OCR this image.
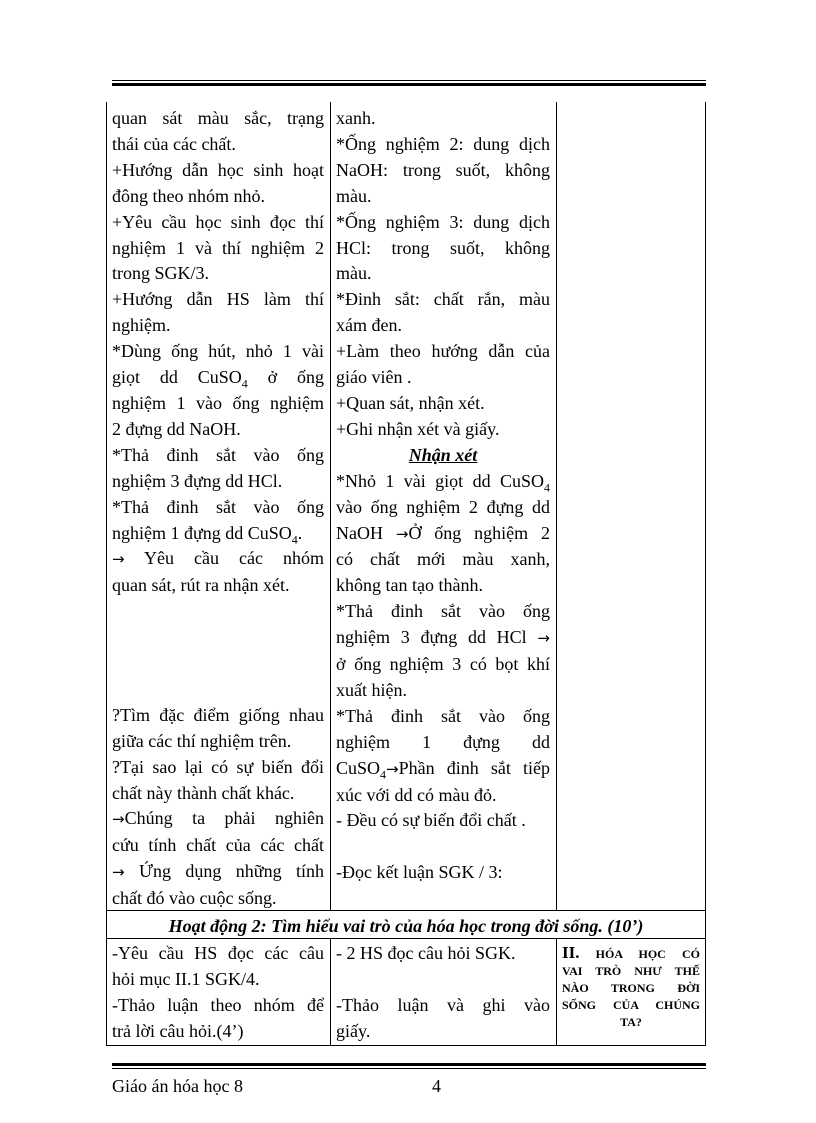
quan sát màu sắc, trạng
thái của các chất.
+Hướng dẫn học sinh hoạt
đông theo nhóm nhỏ.
+Yêu cầu học sinh đọc thí
nghiệm 1 và thí nghiệm 2
trong SGK/3.
+Hướng dẫn HS làm thí
nghiệm.
*Dùng ống hút, nhỏ 1 vài
giọt dd CuSO$_4$ ở ống
nghiệm 1 vào ống nghiệm
2 đựng dd NaOH.
*Thả đinh sắt vào ống
nghiệm 3 đựng dd HCl.
*Thả đinh sắt vào ống
nghiệm 1 đựng dd CuSO$_4$.
→ Yêu cầu các nhóm
quan sát, rút ra nhận xét.
?Tìm đặc điểm giống nhau
giữa các thí nghiệm trên.
?Tại sao lại có sự biến đổi
chất này thành chất khác.
→Chúng ta phải nghiên
cứu tính chất của các chất
→ Ứng dụng những tính
chất đó vào cuộc sống.
xanh.
*Ống nghiệm 2: dung dịch
NaOH: trong suốt, không
màu.
*Ống nghiệm 3: dung dịch
HCl: trong suốt, không
màu.
*Đinh sắt: chất rắn, màu
xám đen.
+Làm theo hướng dẫn của
giáo viên .
+Quan sát, nhận xét.
+Ghi nhận xét và giấy.
Nhận xét
*Nhỏ 1 vài giọt dd CuSO$_4$
vào ống nghiệm 2 đựng dd
NaOH →Ở ống nghiệm 2
có chất mới màu xanh,
không tan tạo thành.
*Thả đinh sắt vào ống
nghiệm 3 đựng dd HCl →
ở ống nghiệm 3 có bọt khí
xuất hiện.
*Thả đinh sắt vào ống
nghiệm 1 đựng dd
CuSO$_4$→Phần đinh sắt tiếp
xúc với dd có màu đỏ.
- Đều có sự biến đổi chất .
-Đọc kết luận SGK / 3:
Hoạt động 2: Tìm hiểu vai trò của hóa học trong đời sống. (10’)
-Yêu cầu HS đọc các câu
hỏi mục II.1 SGK/4.
-Thảo luận theo nhóm để
trả lời câu hỏi.(4’)
- 2 HS đọc câu hỏi SGK.
-Thảo luận và ghi vào
giấy.
II. HÓA HỌC CÓ
VAI TRÒ NHƯ THẾ
NÀO TRONG ĐỜI
SỐNG CỦA CHÚNG
TA?
Giáo án hóa học 8	4
